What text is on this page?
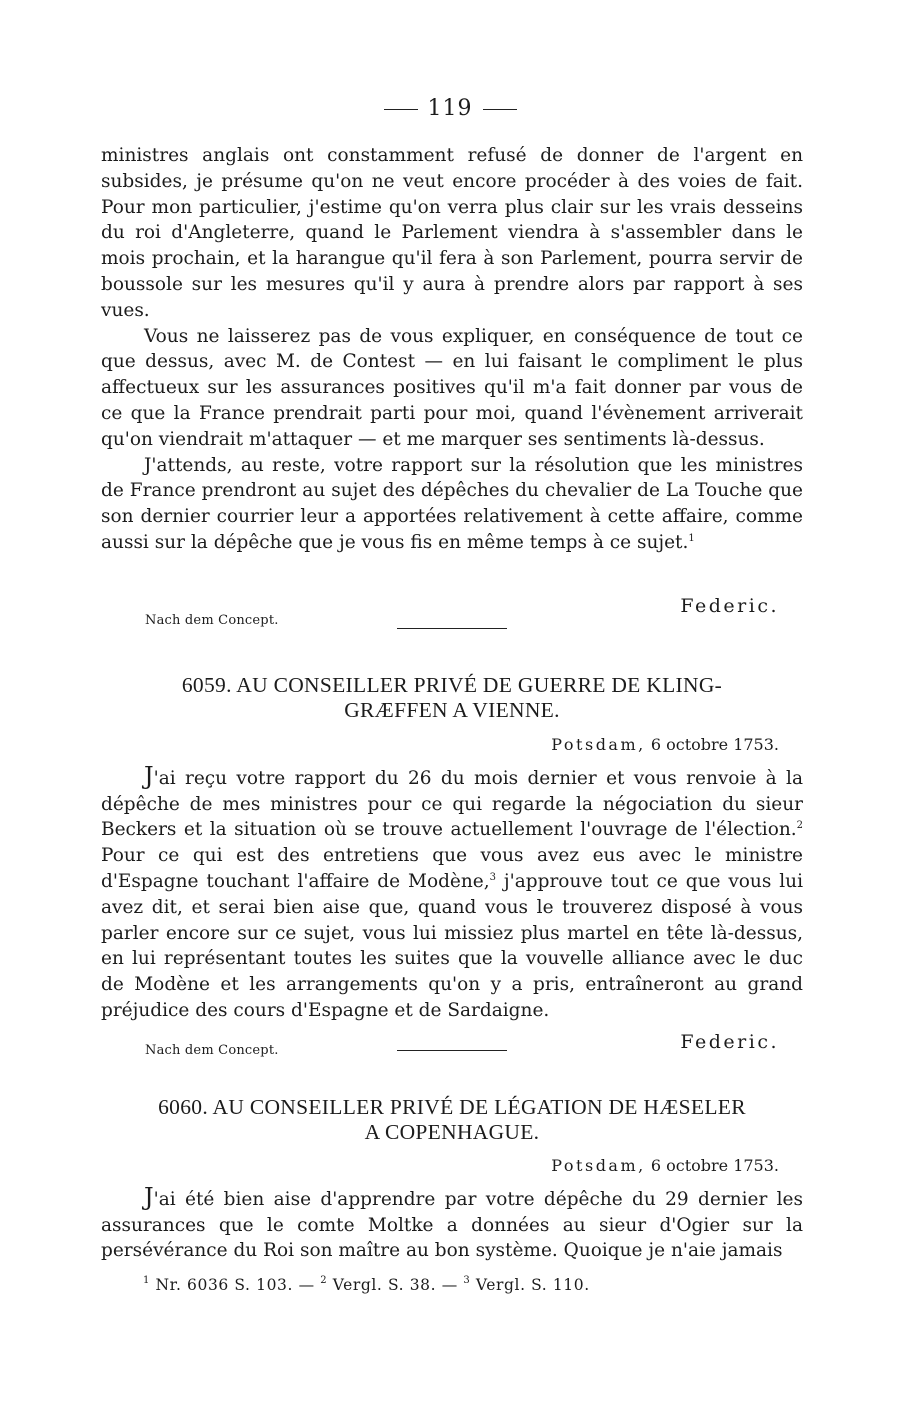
119

ministres anglais ont constamment refusé de donner de l'argent en subsides, je présume qu'on ne veut encore procéder à des voies de fait. Pour mon particulier, j'estime qu'on verra plus clair sur les vrais desseins du roi d'Angleterre, quand le Parlement viendra à s'assembler dans le mois prochain, et la harangue qu'il fera à son Parlement, pourra servir de boussole sur les mesures qu'il y aura à prendre alors par rapport à ses vues.

Vous ne laisserez pas de vous expliquer, en conséquence de tout ce que dessus, avec M. de Contest — en lui faisant le compliment le plus affectueux sur les assurances positives qu'il m'a fait donner par vous de ce que la France prendrait parti pour moi, quand l'évènement arriverait qu'on viendrait m'attaquer — et me marquer ses sentiments là-dessus.

J'attends, au reste, votre rapport sur la résolution que les ministres de France prendront au sujet des dépêches du chevalier de La Touche que son dernier courrier leur a apportées relativement à cette affaire, comme aussi sur la dépêche que je vous fis en même temps à ce sujet.$^1$

Nach dem Concept.
Federic.
6059. AU CONSEILLER PRIVÉ DE GUERRE DE KLING-
GRÆFFEN A VIENNE.
Potsdam, 6 octobre 1753.

J'ai reçu votre rapport du 26 du mois dernier et vous renvoie à la dépêche de mes ministres pour ce qui regarde la négociation du sieur Beckers et la situation où se trouve actuellement l'ouvrage de l'élection.$^2$ Pour ce qui est des entretiens que vous avez eus avec le ministre d'Espagne touchant l'affaire de Modène,$^3$ j'approuve tout ce que vous lui avez dit, et serai bien aise que, quand vous le trouverez disposé à vous parler encore sur ce sujet, vous lui missiez plus martel en tête là-dessus, en lui représentant toutes les suites que la vouvelle alliance avec le duc de Modène et les arrangements qu'on y a pris, entraîneront au grand préjudice des cours d'Espagne et de Sardaigne.

Nach dem Concept.	Federic.
6060. AU CONSEILLER PRIVÉ DE LÉGATION DE HÆSELER
A COPENHAGUE.
Potsdam, 6 octobre 1753.

J'ai été bien aise d'apprendre par votre dépêche du 29 dernier les assurances que le comte Moltke a données au sieur d'Ogier sur la persévérance du Roi son maître au bon système. Quoique je n'aie jamais

$^1$ Nr. 6036 S. 103. — $^2$ Vergl. S. 38. — $^3$ Vergl. S. 110.
